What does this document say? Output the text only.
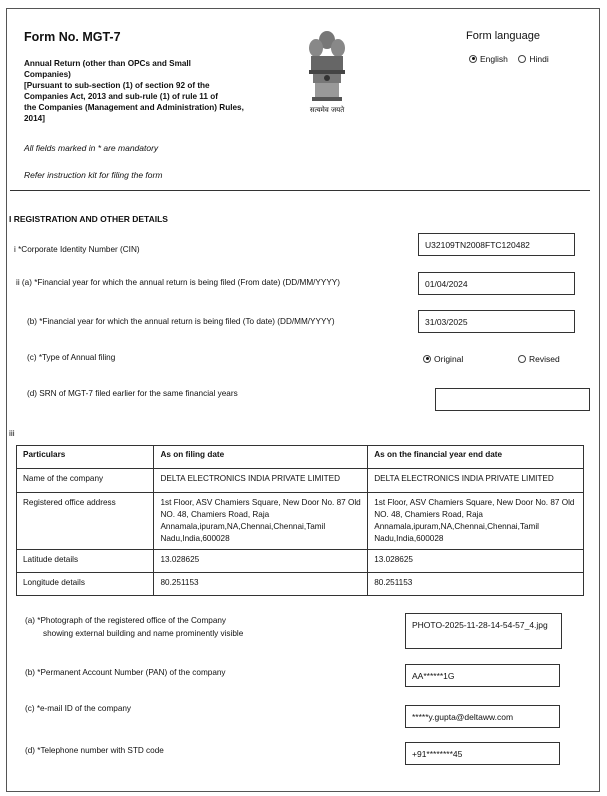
Form No. MGT-7
Annual Return (other than OPCs and Small
Companies)
[Pursuant to sub-section (1) of section 92 of the
Companies Act, 2013 and sub-rule (1) of rule 11 of
the Companies (Management and Administration) Rules,
2014]
All fields marked in * are mandatory
Refer instruction kit for filing the form
सत्यमेव जयते
Form language
English	Hindi
I REGISTRATION AND OTHER DETAILS
i *Corporate Identity Number (CIN)	U32109TN2008FTC120482
ii (a) *Financial year for which the annual return is being filed (From date) (DD/MM/YYYY)	01/04/2024
(b) *Financial year for which the annual return is being filed (To date) (DD/MM/YYYY)	31/03/2025
(c) *Type of Annual filing	Original	Revised
(d) SRN of MGT-7 filed earlier for the same financial years
iii
Particulars	As on filing date	As on the financial year end date
Name of the company	DELTA ELECTRONICS INDIA PRIVATE LIMITED	DELTA ELECTRONICS INDIA PRIVATE LIMITED
Registered office address	1st Floor, ASV Chamiers Square, New Door No. 87 Old NO. 48, Chamiers Road, Raja Annamala,ipuram,NA,Chennai,Chennai,Tamil Nadu,India,600028	1st Floor, ASV Chamiers Square, New Door No. 87 Old NO. 48, Chamiers Road, Raja Annamala,ipuram,NA,Chennai,Chennai,Tamil Nadu,India,600028
Latitude details	13.028625	13.028625
Longitude details	80.251153	80.251153
(a) *Photograph of the registered office of the Company
showing external building and name prominently visible
PHOTO-2025-11-28-14-54-57_4.jpg
(b) *Permanent Account Number (PAN) of the company	AA******1G
(c) *e-mail ID of the company
*****y.gupta@deltaww.com
(d) *Telephone number with STD code	+91********45
